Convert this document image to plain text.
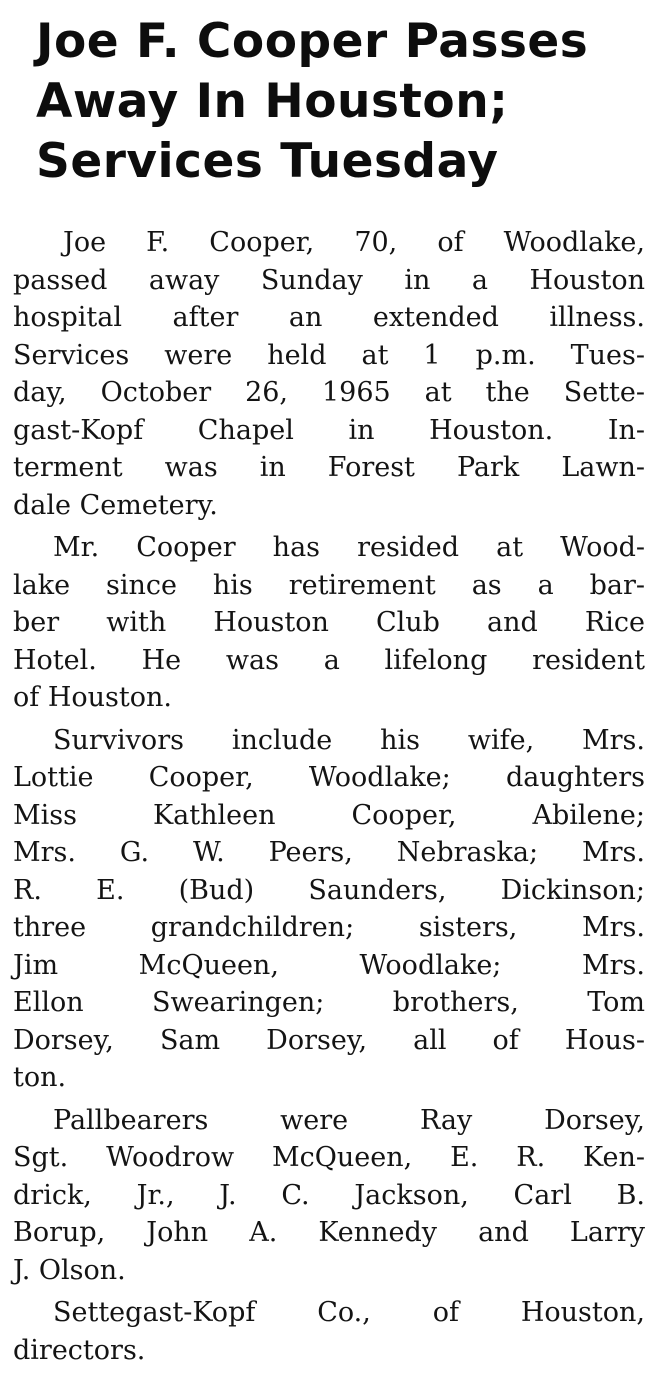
Joe F. Cooper Passes
Away In Houston;
Services Tuesday
Joe F. Cooper, 70, of Woodlake,
passed away Sunday in a Houston
hospital after an extended illness.
Services were held at 1 p.m. Tues-
day, October 26, 1965 at the Sette-
gast-Kopf Chapel in Houston. In-
terment was in Forest Park Lawn-
dale Cemetery.
Mr. Cooper has resided at Wood-
lake since his retirement as a bar-
ber with Houston Club and Rice
Hotel. He was a lifelong resident
of Houston.
Survivors include his wife, Mrs.
Lottie Cooper, Woodlake; daughters
Miss Kathleen Cooper, Abilene;
Mrs. G. W. Peers, Nebraska; Mrs.
R. E. (Bud) Saunders, Dickinson;
three grandchildren; sisters, Mrs.
Jim McQueen, Woodlake; Mrs.
Ellon Swearingen; brothers, Tom
Dorsey, Sam Dorsey, all of Hous-
ton.
Pallbearers were Ray Dorsey,
Sgt. Woodrow McQueen, E. R. Ken-
drick, Jr., J. C. Jackson, Carl B.
Borup, John A. Kennedy and Larry
J. Olson.
Settegast-Kopf Co., of Houston,
directors.
